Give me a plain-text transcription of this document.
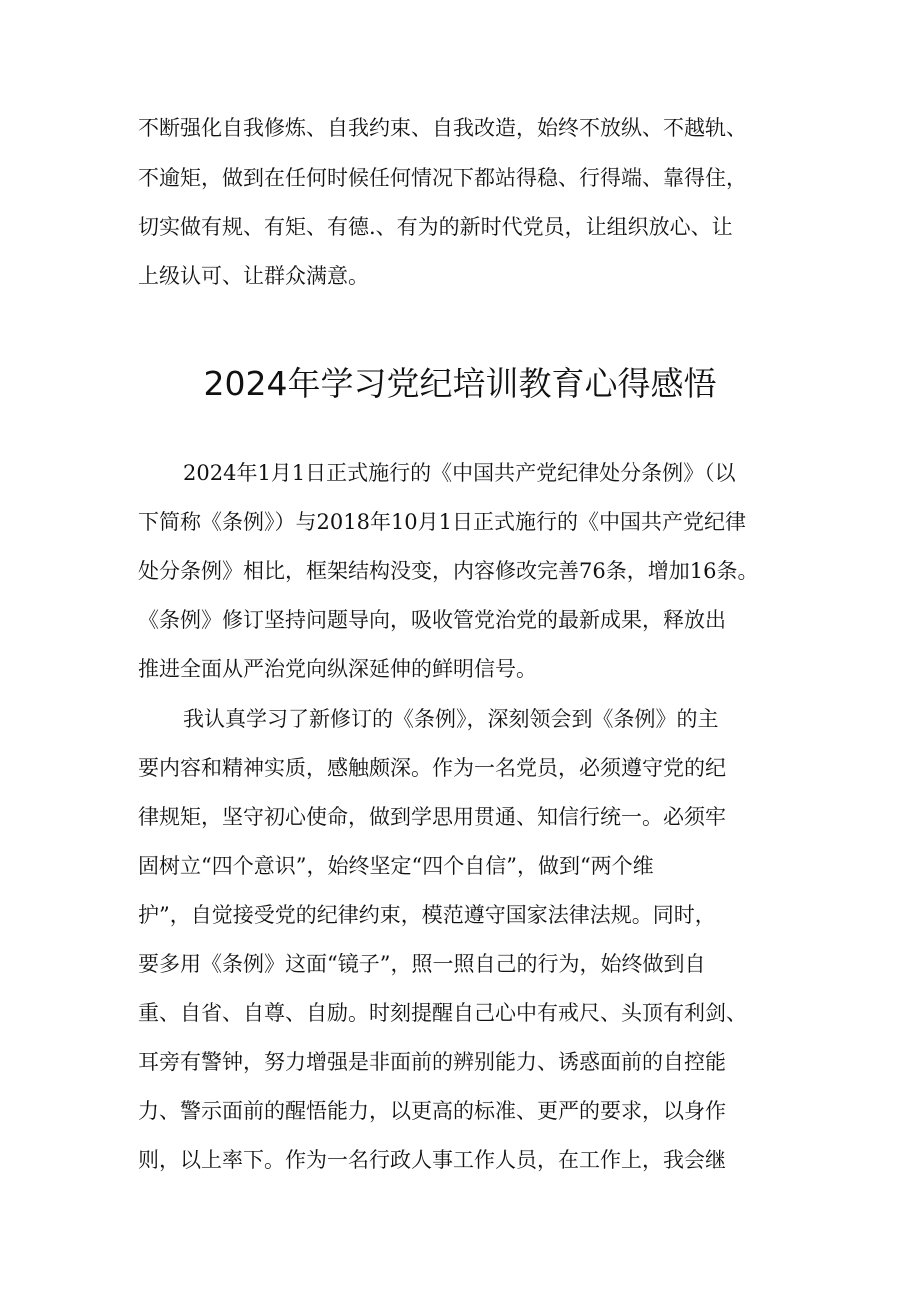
不断强化自我修炼、自我约束、自我改造，始终不放纵、不越轨、
不逾矩，做到在任何时候任何情况下都站得稳、行得端、靠得住，
切实做有规、有矩、有德.、有为的新时代党员，让组织放心、让
上级认可、让群众满意。
2024年学习党纪培训教育心得感悟
2024年1月1日正式施行的《中国共产党纪律处分条例》（以
下简称《条例》）与2018年10月1日正式施行的《中国共产党纪律
处分条例》相比，框架结构没变，内容修改完善76条，增加16条。
《条例》修订坚持问题导向，吸收管党治党的最新成果，释放出
推进全面从严治党向纵深延伸的鲜明信号。
我认真学习了新修订的《条例》，深刻领会到《条例》的主
要内容和精神实质，感触颇深。作为一名党员，必须遵守党的纪
律规矩，坚守初心使命，做到学思用贯通、知信行统一。必须牢
固树立“四个意识”，始终坚定“四个自信”，做到“两个维
护”，自觉接受党的纪律约束，模范遵守国家法律法规。同时，
要多用《条例》这面“镜子”，照一照自己的行为，始终做到自
重、自省、自尊、自励。时刻提醒自己心中有戒尺、头顶有利剑、
耳旁有警钟，努力增强是非面前的辨别能力、诱惑面前的自控能
力、警示面前的醒悟能力，以更高的标准、更严的要求，以身作
则，以上率下。作为一名行政人事工作人员，在工作上，我会继
